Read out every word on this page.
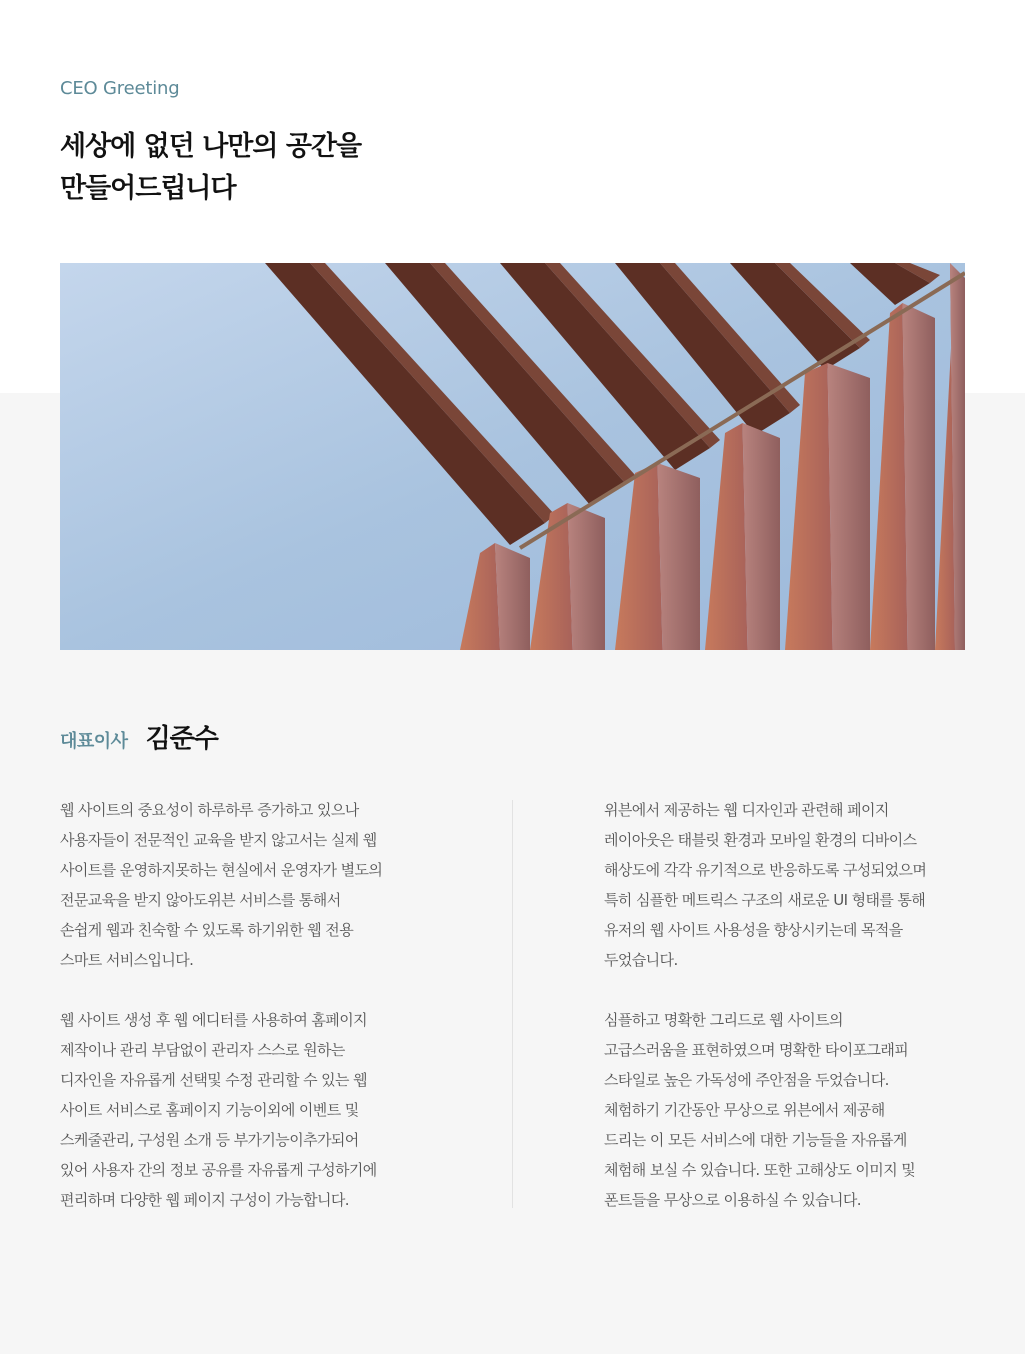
CEO Greeting
세상에 없던 나만의 공간을
만들어드립니다
대표이사 김준수

웹 사이트의 중요성이 하루하루 증가하고 있으나
사용자들이 전문적인 교육을 받지 않고서는 실제 웹
사이트를 운영하지못하는 현실에서 운영자가 별도의
전문교육을 받지 않아도위븐 서비스를 통해서
손쉽게 웹과 친숙할 수 있도록 하기위한 웹 전용
스마트 서비스입니다.

웹 사이트 생성 후 웹 에디터를 사용하여 홈페이지
제작이나 관리 부담없이 관리자 스스로 원하는
디자인을 자유롭게 선택및 수정 관리할 수 있는 웹
사이트 서비스로 홈페이지 기능이외에 이벤트 및
스케줄관리, 구성원 소개 등 부가기능이추가되어
있어 사용자 간의 정보 공유를 자유롭게 구성하기에
편리하며 다양한 웹 페이지 구성이 가능합니다.

위븐에서 제공하는 웹 디자인과 관련해 페이지
레이아웃은 태블릿 환경과 모바일 환경의 디바이스
해상도에 각각 유기적으로 반응하도록 구성되었으며
특히 심플한 메트릭스 구조의 새로운 UI 형태를 통해
유저의 웹 사이트 사용성을 향상시키는데 목적을
두었습니다.

심플하고 명확한 그리드로 웹 사이트의
고급스러움을 표현하였으며 명확한 타이포그래피
스타일로 높은 가독성에 주안점을 두었습니다.
체험하기 기간동안 무상으로 위븐에서 제공해
드리는 이 모든 서비스에 대한 기능들을 자유롭게
체험해 보실 수 있습니다. 또한 고해상도 이미지 및
폰트들을 무상으로 이용하실 수 있습니다.
